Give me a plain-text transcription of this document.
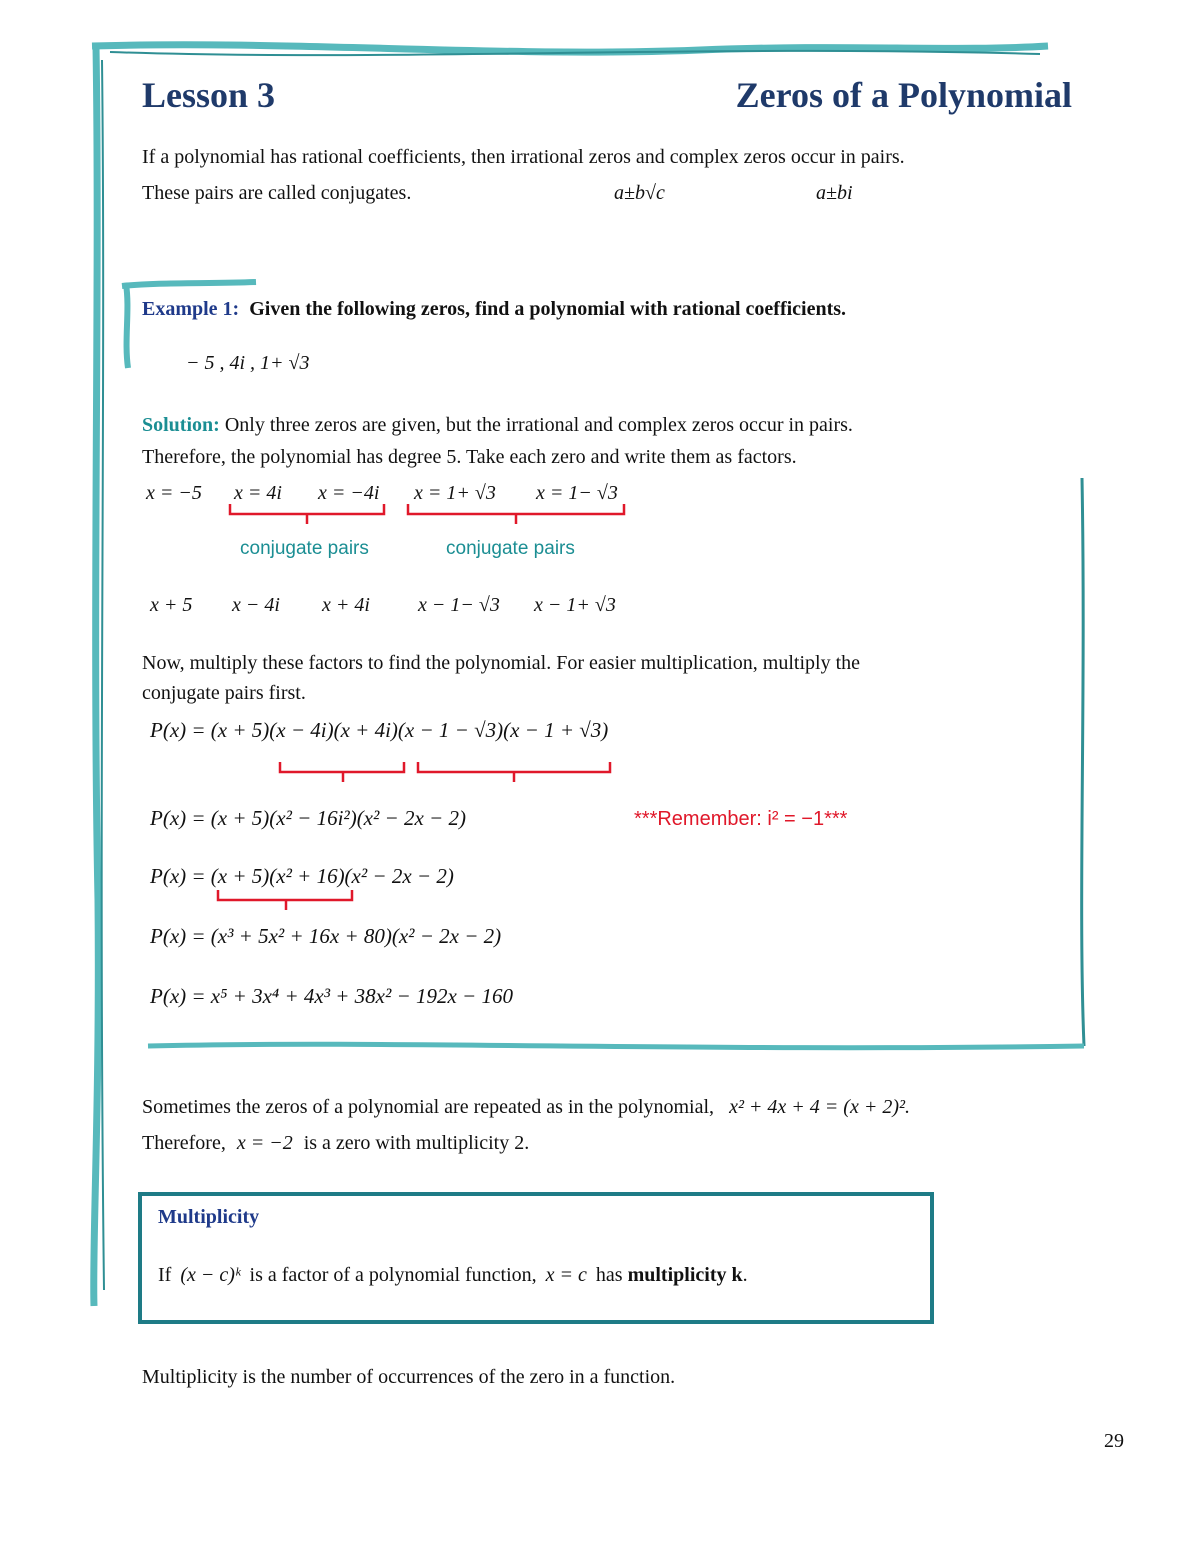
Lesson 3	Zeros of a Polynomial
If a polynomial has rational coefficients, then irrational zeros and complex zeros occur in pairs.
These pairs are called conjugates.	a±b√c	a±bi
Example 1: Given the following zeros, find a polynomial with rational coefficients.
− 5 , 4i , 1+ √3
Solution: Only three zeros are given, but the irrational and complex zeros occur in pairs.
Therefore, the polynomial has degree 5. Take each zero and write them as factors.
x = −5 x = 4i x = −4i x = 1+ √3 x = 1− √3
conjugate pairs	conjugate pairs
x + 5 x − 4i x + 4i x − 1− √3 x − 1+ √3
Now, multiply these factors to find the polynomial. For easier multiplication, multiply the
conjugate pairs first.
P(x) = (x + 5)(x − 4i)(x + 4i)(x − 1 − √3)(x − 1 + √3)
P(x) = (x + 5)(x² − 16i²)(x² − 2x − 2)	***Remember: i² = −1***
P(x) = (x + 5)(x² + 16)(x² − 2x − 2)
P(x) = (x³ + 5x² + 16x + 80)(x² − 2x − 2)
P(x) = x⁵ + 3x⁴ + 4x³ + 38x² − 192x − 160
Sometimes the zeros of a polynomial are repeated as in the polynomial, x² + 4x + 4 = (x + 2)².
Therefore, x = −2 is a zero with multiplicity 2.
Multiplicity
If (x − c)ᵏ is a factor of a polynomial function, x = c has multiplicity k.
Multiplicity is the number of occurrences of the zero in a function.
29
